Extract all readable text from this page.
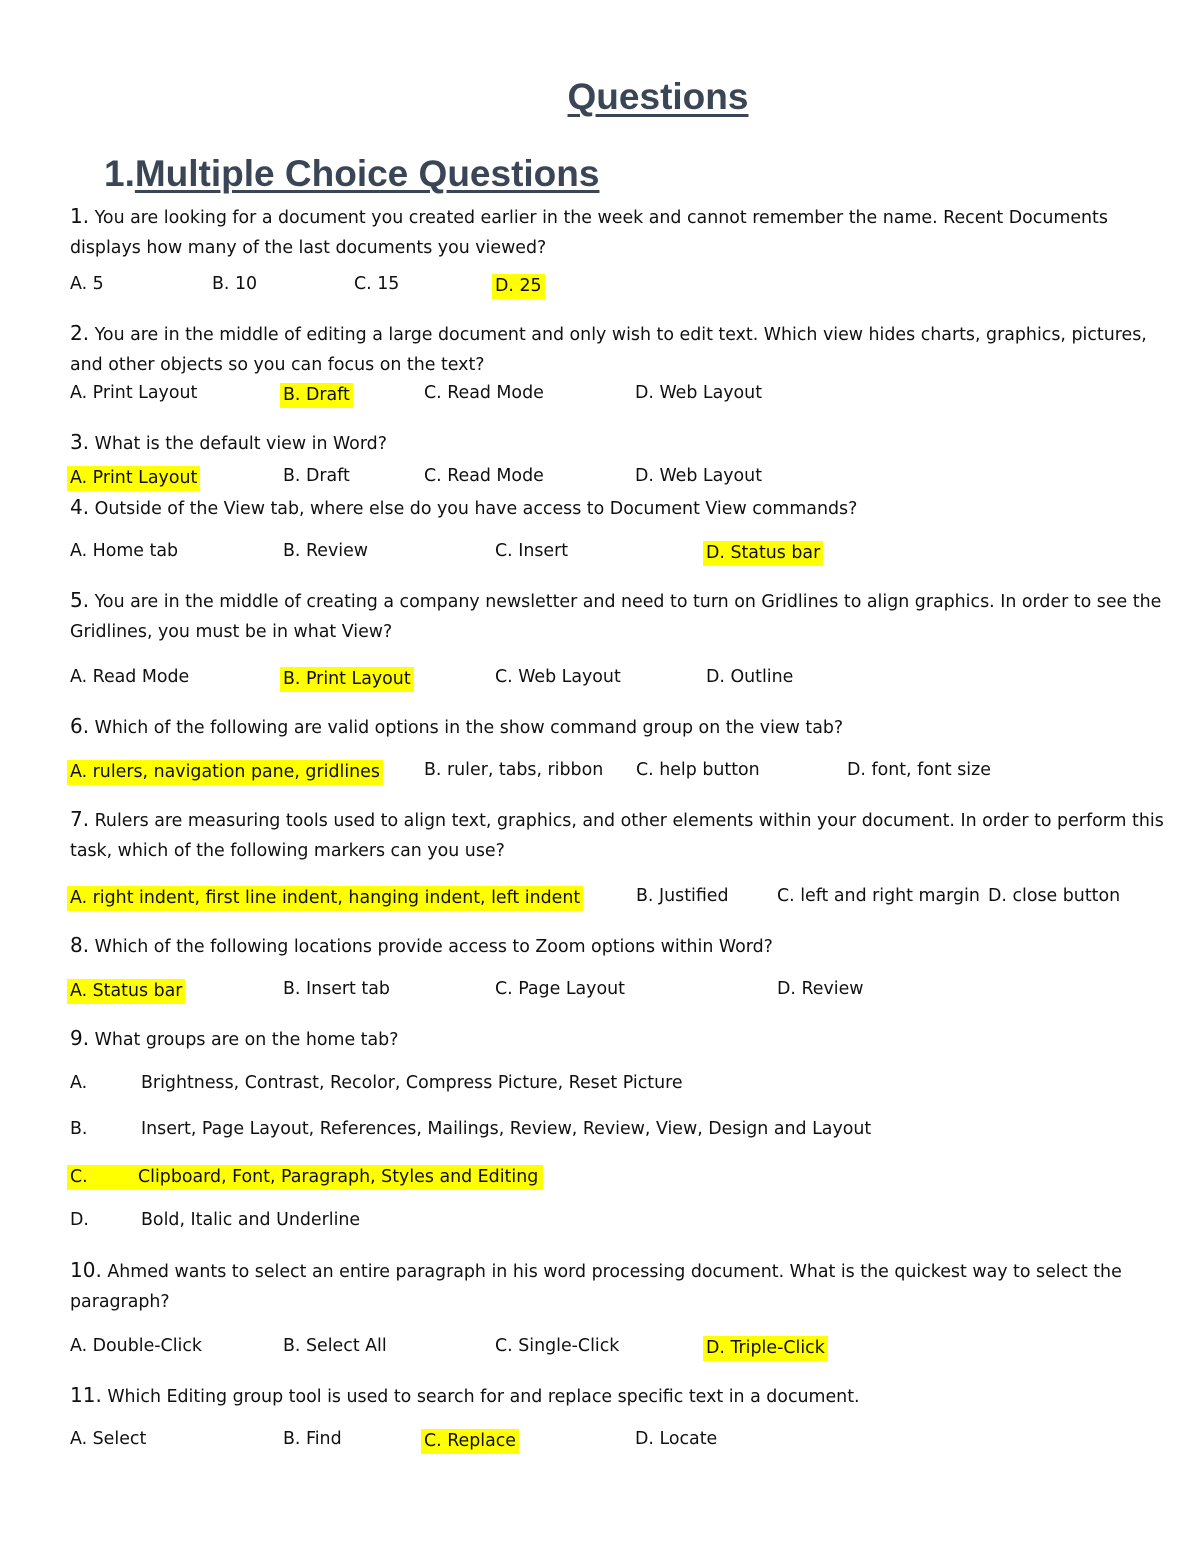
Questions
1.Multiple Choice Questions
1. You are looking for a document you created earlier in the week and cannot remember the name. Recent Documents
displays how many of the last documents you viewed?
A. 5	B. 10	C. 15	D. 25
2. You are in the middle of editing a large document and only wish to edit text. Which view hides charts, graphics, pictures,
and other objects so you can focus on the text?
A. Print Layout	B. Draft	C. Read Mode	D. Web Layout
3. What is the default view in Word?
A. Print Layout	B. Draft	C. Read Mode	D. Web Layout
4. Outside of the View tab, where else do you have access to Document View commands?
A. Home tab	B. Review	C. Insert	D. Status bar
5. You are in the middle of creating a company newsletter and need to turn on Gridlines to align graphics. In order to see the
Gridlines, you must be in what View?
A. Read Mode	B. Print Layout	C. Web Layout	D. Outline
6. Which of the following are valid options in the show command group on the view tab?
A. rulers, navigation pane, gridlines	B. ruler, tabs, ribbon C. help button	D. font, font size
7. Rulers are measuring tools used to align text, graphics, and other elements within your document. In order to perform this
task, which of the following markers can you use?
A. right indent, first line indent, hanging indent, left indent	B. Justified	C. left and right margin D. close button
8. Which of the following locations provide access to Zoom options within Word?
A. Status bar	B. Insert tab	C. Page Layout	D. Review
9. What groups are on the home tab?
A.	Brightness, Contrast, Recolor, Compress Picture, Reset Picture
B.	Insert, Page Layout, References, Mailings, Review, Review, View, Design and Layout
C.	Clipboard, Font, Paragraph, Styles and Editing
D.	Bold, Italic and Underline
10. Ahmed wants to select an entire paragraph in his word processing document. What is the quickest way to select the
paragraph?
A. Double-Click	B. Select All	C. Single-Click	D. Triple-Click
11. Which Editing group tool is used to search for and replace specific text in a document.
A. Select	B. Find	C. Replace	D. Locate
